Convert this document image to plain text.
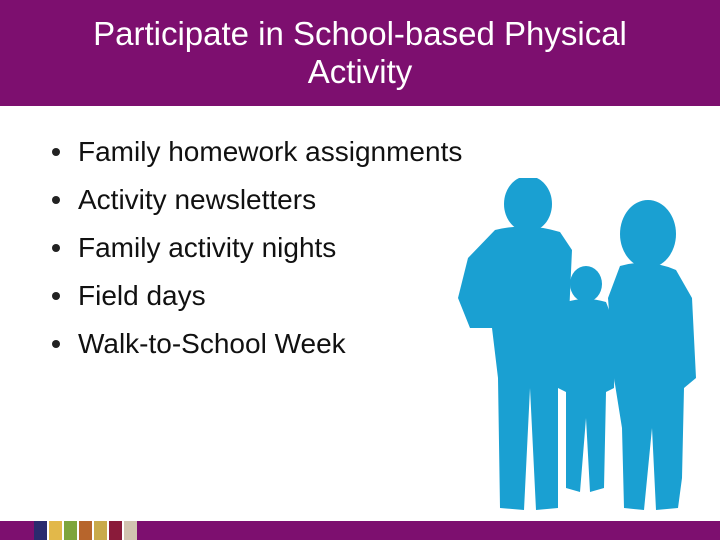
Participate in School-based Physical Activity
Family homework assignments
Activity newsletters
Family activity nights
Field days
Walk-to-School Week
